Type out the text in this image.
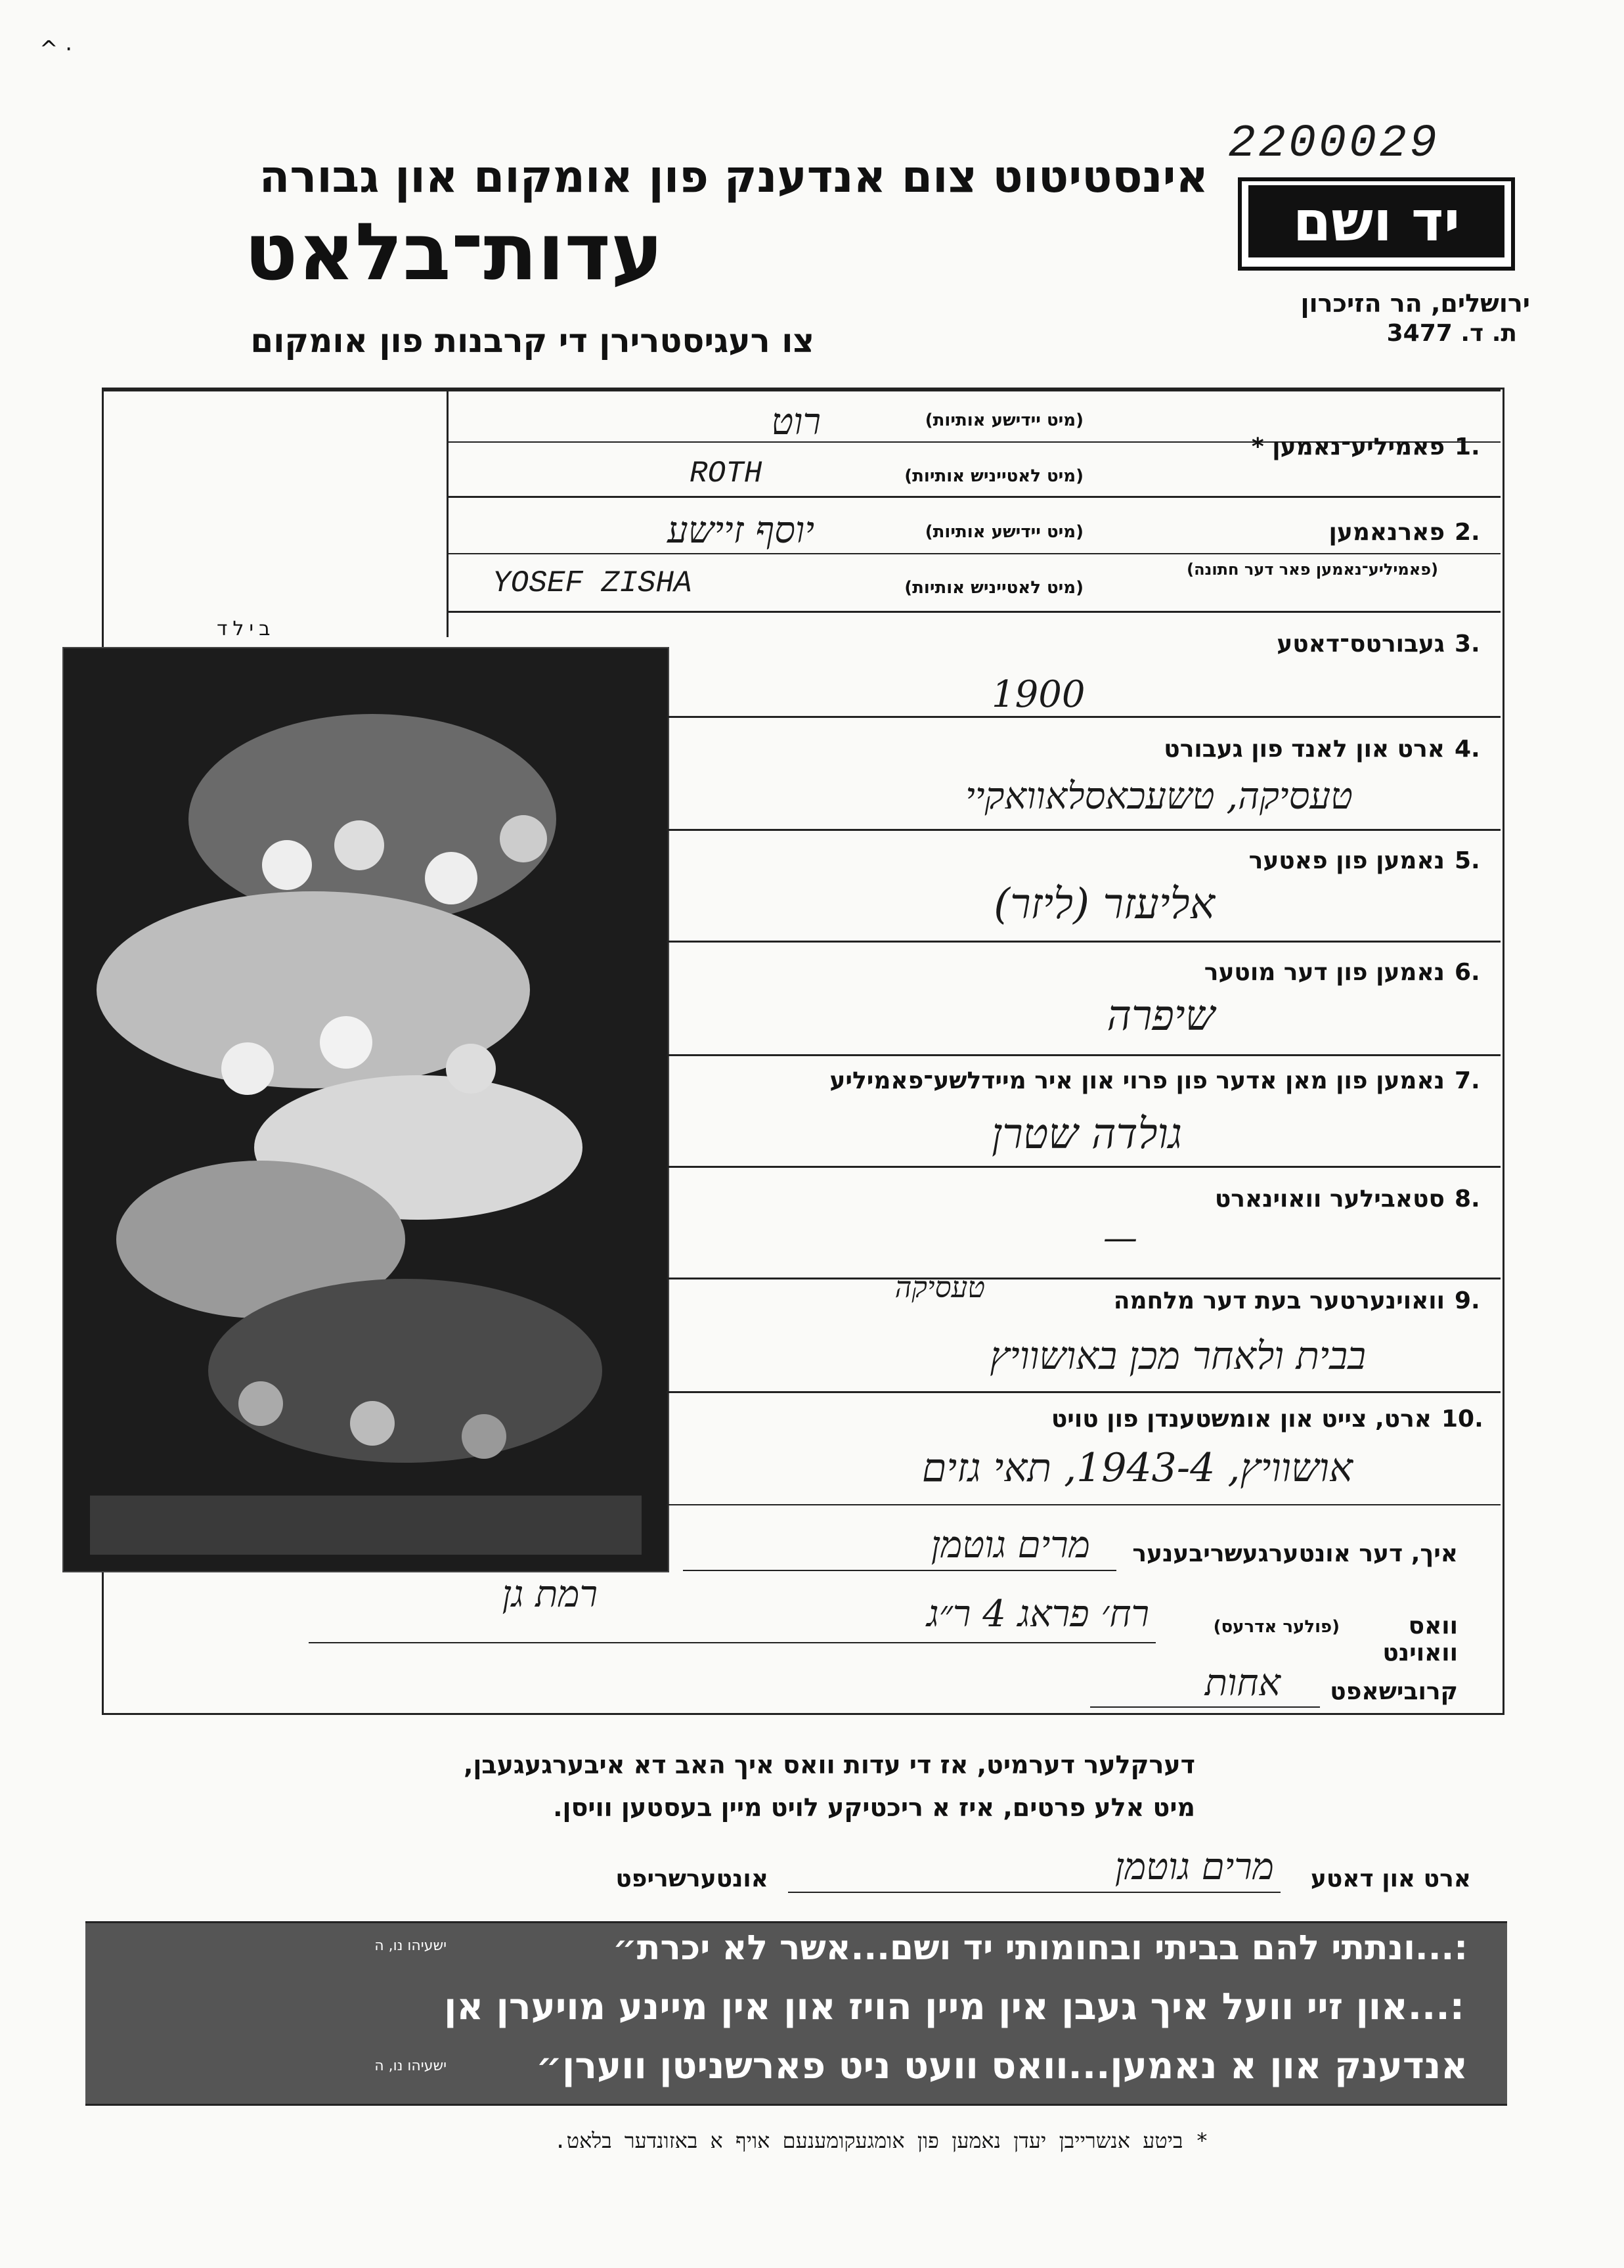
^ ·
2200029
יד ושם
אינסטיטוט צום אנדענק פון אומקום און גבורה
עדות־בלאט
צו רעגיסטרירן די קרבנות פון אומקום
ירושלים, הר הזיכרון
ת. ד. 3477
בילד
1.
פאמיליע־נאמען *
(מיט יידישע אותיות)
רוט
(מיט לאטייניש אותיות)
ROTH
2.
פארנאמען
(פאמיליע־נאמען פאר דער חתונה)
(מיט יידישע אותיות)
יוסף זיישע
(מיט לאטייניש אותיות)
YOSEF ZISHA
3.
געבורטס־דאטע
1900
4.
ארט און לאנד פון געבורט
טעסיקה, טשעכאסלאוואקיי
5.
נאמען פון פאטער
אליעזר (ליזר)
6.
נאמען פון דער מוטער
שיפרה
7.
נאמען פון מאן אדער פון פרוי און איר מיידלשע־פאמיליע
גולדה שטרן
8.
סטאבילער וואוינארט
—
9.
וואוינערטער בעת דער מלחמה
טעסיקה
בבית ולאחר מכן באושוויץ
10.
ארט, צייט און אומשטענדן פון טויט
אושוויץ, 1943-4, תאי גזים
איך, דער אונטערגעשריבענער
מרים גוטמן
וואס וואוינט
(פולער אדרעס)
רח׳ פראג 4 ר״ג
רמת גן
קרובישאפט
אחות
דערקלער דערמיט, אז די עדות וואס איך האב דא איבערגעגעבן,
מיט אלע פרטים, איז א ריכטיקע לויט מיין בעסטען וויסן.
ארט און דאטע
אונטערשריפט	מרים גוטמן
:...ונתתי להם בביתי ובחומותי יד ושם...אשר לא יכרת״
ישעיהו נו, ה
:...און זיי וועל איך געבן אין מיין הויז און אין מיינע מויערן אן
אנדענק און א נאמען...וואס וועט ניט פארשניטן ווערן״
ישעיהו נו, ה
* ביטע אנשרייבן יעדן נאמען פון אומגעקומענעם אויף א באזונדער בלאט.
